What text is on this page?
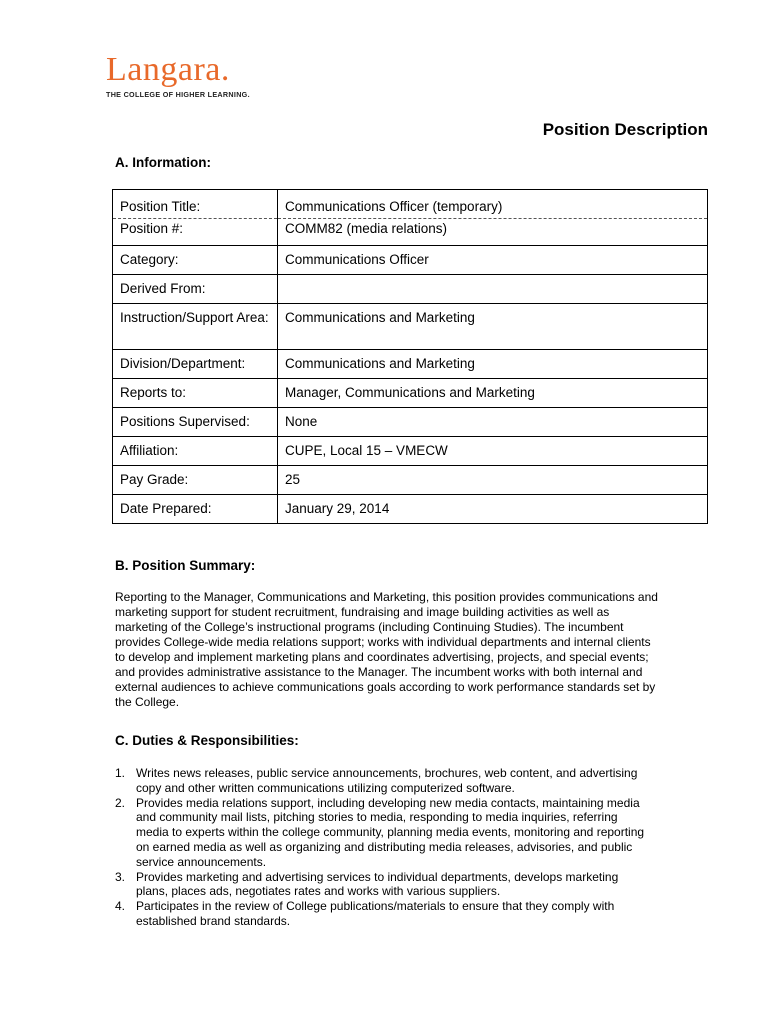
Langara.
THE COLLEGE OF HIGHER LEARNING.
Position Description
A. Information:
Position Title:	Communications Officer (temporary)
Position #:	COMM82 (media relations)
Category:	Communications Officer
Derived From:	
Instruction/Support Area:	Communications and Marketing
Division/Department:	Communications and Marketing
Reports to:	Manager, Communications and Marketing
Positions Supervised:	None
Affiliation:	CUPE, Local 15 – VMECW
Pay Grade:	25
Date Prepared:	January 29, 2014
B. Position Summary:
Reporting to the Manager, Communications and Marketing, this position provides communications and marketing support for student recruitment, fundraising and image building activities as well as marketing of the College’s instructional programs (including Continuing Studies). The incumbent provides College-wide media relations support; works with individual departments and internal clients to develop and implement marketing plans and coordinates advertising, projects, and special events; and provides administrative assistance to the Manager. The incumbent works with both internal and external audiences to achieve communications goals according to work performance standards set by the College.
C. Duties & Responsibilities:
1. Writes news releases, public service announcements, brochures, web content, and advertising copy and other written communications utilizing computerized software.
2. Provides media relations support, including developing new media contacts, maintaining media and community mail lists, pitching stories to media, responding to media inquiries, referring media to experts within the college community, planning media events, monitoring and reporting on earned media as well as organizing and distributing media releases, advisories, and public service announcements.
3. Provides marketing and advertising services to individual departments, develops marketing plans, places ads, negotiates rates and works with various suppliers.
4. Participates in the review of College publications/materials to ensure that they comply with established brand standards.
